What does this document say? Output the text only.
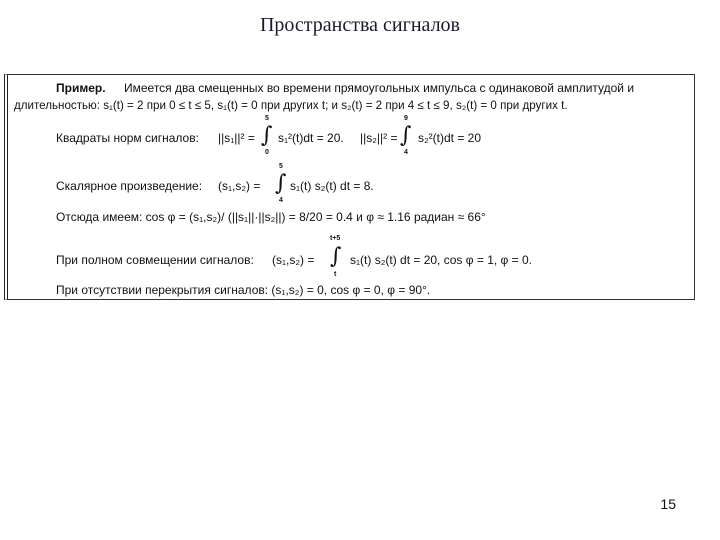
Пространства сигналов
Пример. Имеется два смещенных во времени прямоугольных импульса с одинаковой амплитудой и
длительностью: s₁(t) = 2 при 0 ≤ t ≤ 5, s₁(t) = 0 при других t; и s₂(t) = 2 при 4 ≤ t ≤ 9, s₂(t) = 0 при других t.
Квадраты норм сигналов: ||s₁||² =
5
∫
0
s₁²(t)dt = 20. ||s₂||² =
9
∫
4
s₂²(t)dt = 20
Скалярное произведение: (s₁,s₂) =
5
∫
4
s₁(t) s₂(t) dt = 8.
Отсюда имеем: cos φ = (s₁,s₂)/ (||s₁||·||s₂||) = 8/20 = 0.4 и φ ≈ 1.16 радиан ≈ 66°
При полном совмещении сигналов: (s₁,s₂) =
t+5
∫
t
s₁(t) s₂(t) dt = 20, cos φ = 1, φ = 0.
При отсутствии перекрытия сигналов: (s₁,s₂) = 0, cos φ = 0, φ = 90°.
15
